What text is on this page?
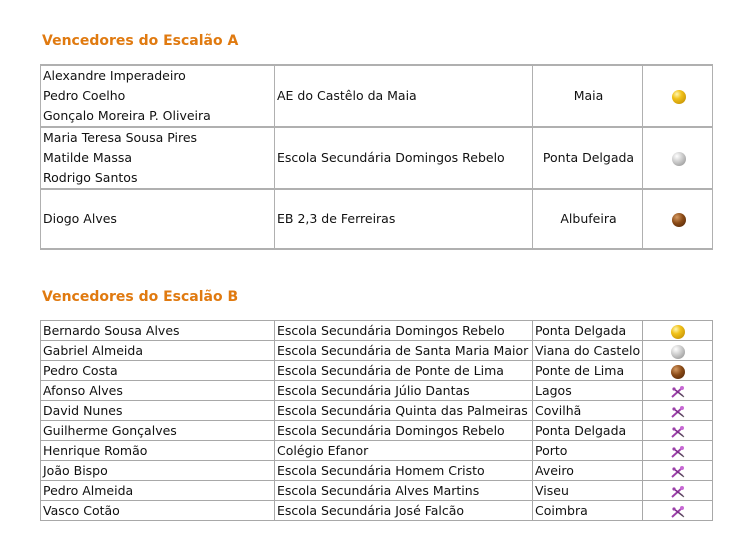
Vencedores do Escalão A
Alexandre Imperadeiro
Pedro Coelho
Gonçalo Moreira P. Oliveira	AE do Castêlo da Maia	Maia	

Maria Teresa Sousa Pires
Matilde Massa
Rodrigo Santos	Escola Secundária Domingos Rebelo	Ponta Delgada	

Diogo Alves	EB 2,3 de Ferreiras	Albufeira	
Vencedores do Escalão B
Bernardo Sousa Alves	Escola Secundária Domingos Rebelo	Ponta Delgada	
Gabriel Almeida	Escola Secundária de Santa Maria Maior	Viana do Castelo	
Pedro Costa	Escola Secundária de Ponte de Lima	Ponte de Lima	
Afonso Alves	Escola Secundária Júlio Dantas	Lagos	
David Nunes	Escola Secundária Quinta das Palmeiras	Covilhã	
Guilherme Gonçalves	Escola Secundária Domingos Rebelo	Ponta Delgada	
Henrique Romão	Colégio Efanor	Porto	
João Bispo	Escola Secundária Homem Cristo	Aveiro	
Pedro Almeida	Escola Secundária Alves Martins	Viseu	
Vasco Cotão	Escola Secundária José Falcão	Coimbra	
